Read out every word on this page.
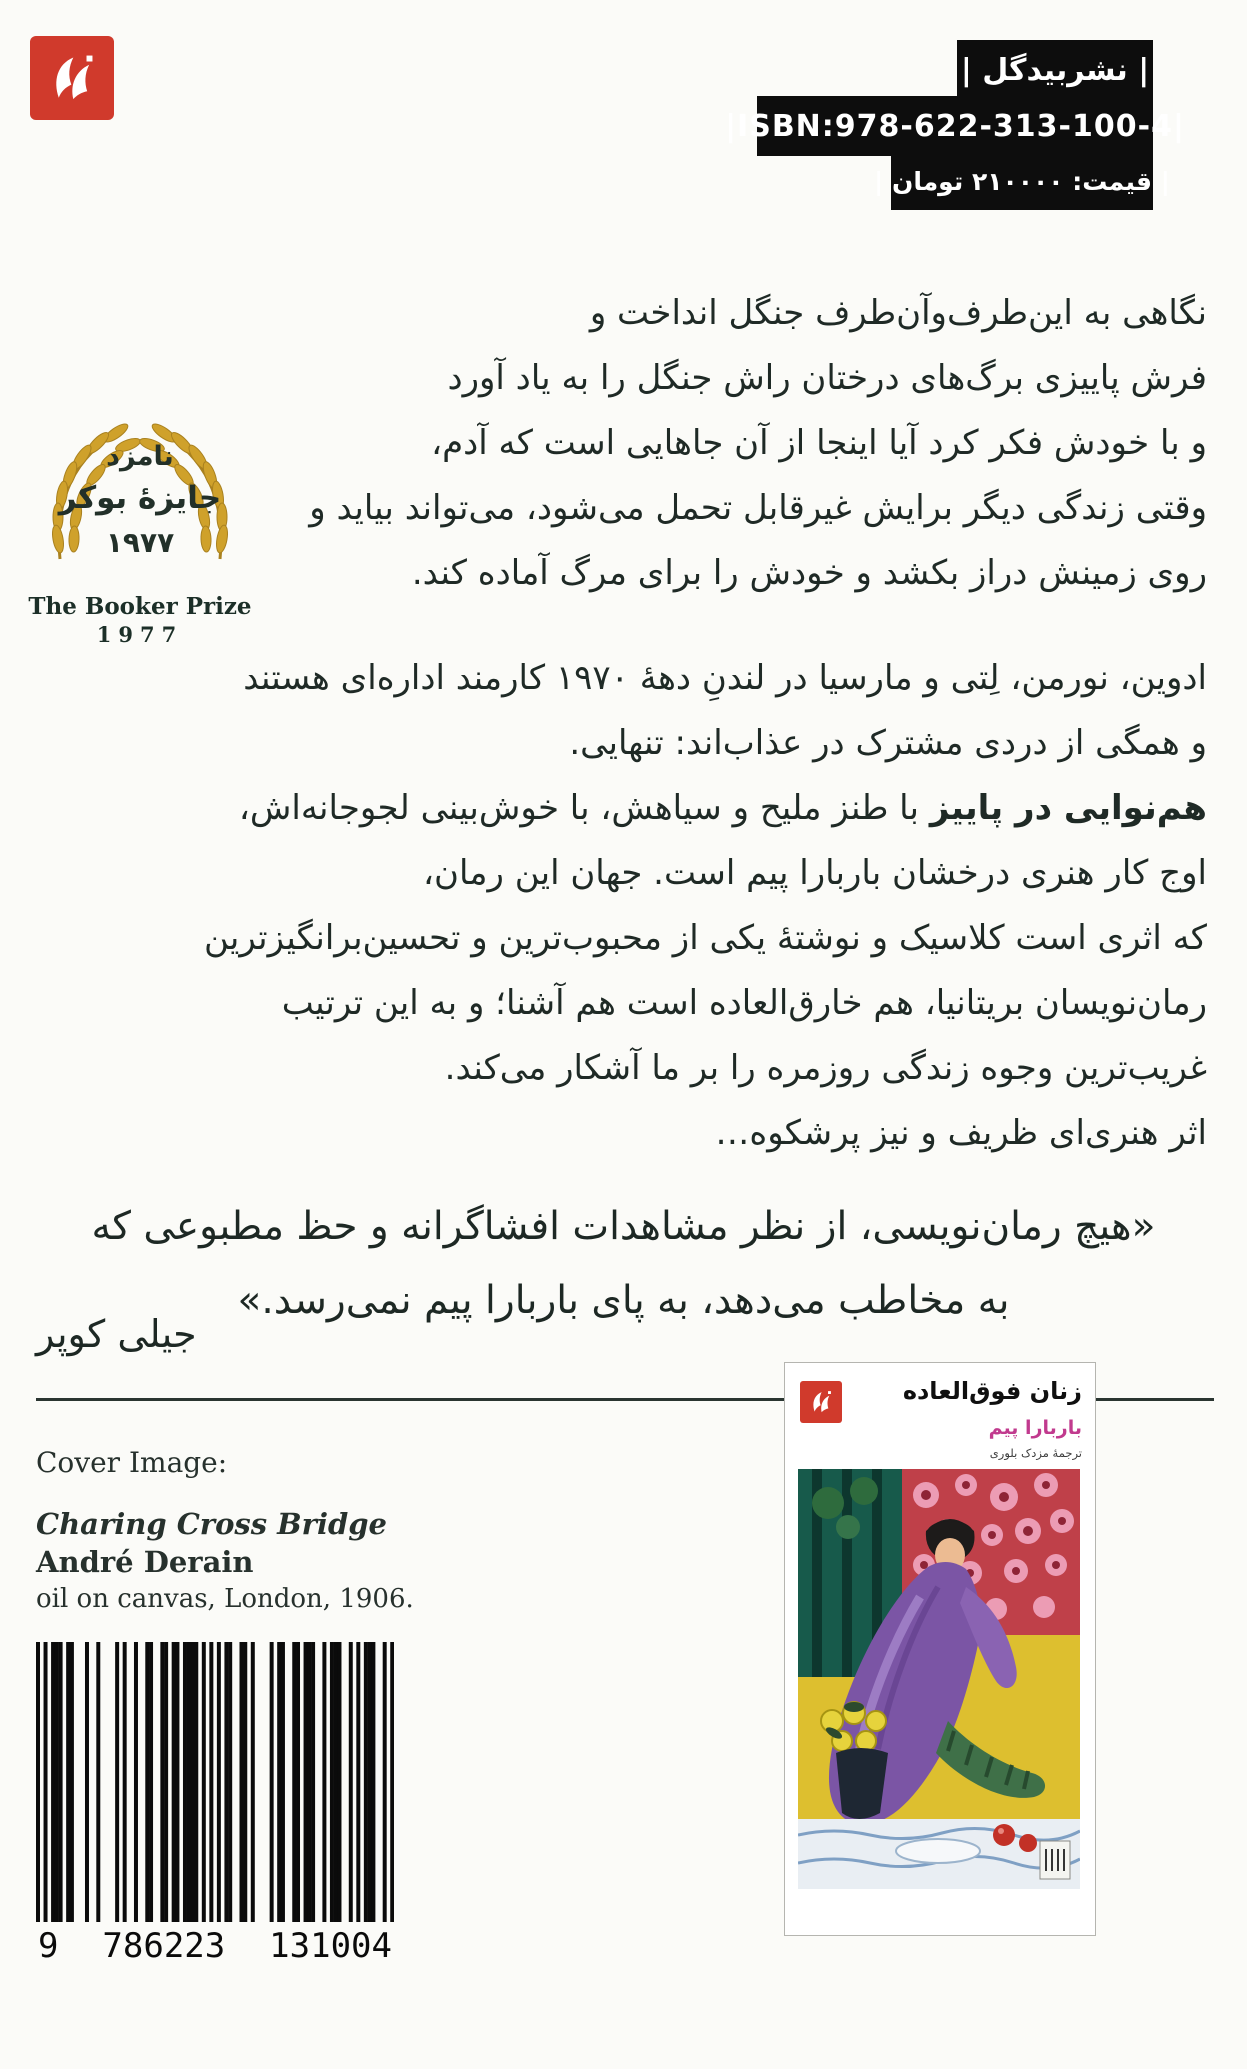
| نشربیدگل |
|ISBN:978-622-313-100-4|
| قیمت: ۲۱۰۰۰۰ تومان |
نامزد
جایزهٔ بوکر
۱۹۷۷
The Booker Prize
1977
نگاهی به این‌طرف‌وآن‌طرف جنگل انداخت و
فرش پاییزی برگ‌های درختان راش جنگل را به یاد آورد
و با خودش فکر کرد آیا اینجا از آن جاهایی است که آدم،
وقتی زندگی دیگر برایش غیرقابل تحمل می‌شود، می‌تواند بیاید و
روی زمینش دراز بکشد و خودش را برای مرگ آماده کند.
ادوین، نورمن، لِتی و مارسیا در لندنِ دهۀ ۱۹۷۰ کارمند اداره‌ای هستند
و همگی از دردی مشترک در عذاب‌اند: تنهایی.
هم‌نوایی در پاییز با طنز ملیح و سیاهش، با خوش‌بینی لجوجانه‌اش،
اوج کار هنری درخشان باربارا پیم است. جهان این رمان،
که اثری است کلاسیک و نوشتهٔ یکی از محبوب‌ترین و تحسین‌برانگیزترین
رمان‌نویسان بریتانیا، هم خارق‌العاده است هم آشنا؛ و به این ترتیب
غریب‌ترین وجوه زندگی روزمره را بر ما آشکار می‌کند.
اثر هنری‌ای ظریف و نیز پرشکوه…
«هیچ رمان‌نویسی، از نظر مشاهدات افشاگرانه و حظ مطبوعی که
به مخاطب می‌دهد، به پای باربارا پیم نمی‌رسد.»
جیلی کوپر
Cover Image:
Charing Cross Bridge
André Derain
oil on canvas, London, 1906.
9 786223 131004
زنان فوق‌العاده
باربارا پیم
ترجمهٔ مزدک بلوری
